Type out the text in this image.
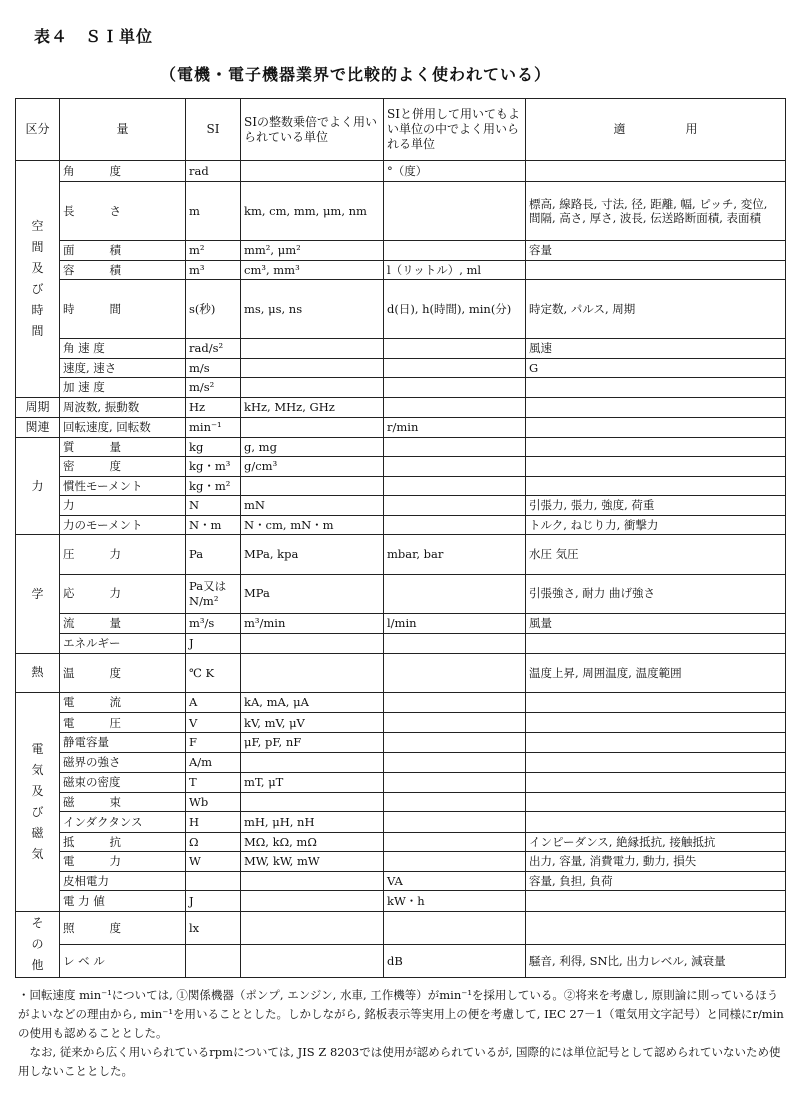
表４　ＳＩ単位
（電機・電子機器業界で比較的よく使われている）
区分	量	SI	SIの整数乗倍でよく用いられている単位	SIと併用して用いてもよい単位の中でよく用いられる単位	適　　　　　用
空間及び時間	角　　度	rad		°（度）	
	長　　さ	m	km, cm, mm, μm, nm		標高, 線路長, 寸法, 径, 距離, 幅, ピッチ, 変位, 間隔, 高さ, 厚さ, 波長, 伝送路断面積, 表面積
	面　　積	m²	mm², μm²		容量
	容　　積	m³	cm³, mm³	l（リットル）, ml	
	時　　間	s(秒)	ms, μs, ns	d(日), h(時間), min(分)	時定数, パルス, 周期
	角 速 度	rad/s²			風速
	速度, 速さ	m/s			G
	加 速 度	m/s²			
周期	周波数, 振動数	Hz	kHz, MHz, GHz		
関連	回転速度, 回転数	min⁻¹		r/min	
力	質　　量	kg	g, mg		
	密　　度	kg・m³	g/cm³		
	慣性モーメント	kg・m²			
	力	N	mN		引張力, 張力, 強度, 荷重
	力のモーメント	N・m	N・cm, mN・m		トルク, ねじり力, 衝撃力
学	圧　　力	Pa	MPa, kpa	mbar, bar	水圧 気圧
	応　　力	Pa又は N/m²	MPa		引張強さ, 耐力 曲げ強さ
	流　　量	m³/s	m³/min	l/min	風量
	エネルギー	J			
熱	温　　度	℃ K			温度上昇, 周囲温度, 温度範囲
電気及び磁気	電　　流	A	kA, mA, μA		
	電　　圧	V	kV, mV, μV		
	静電容量	F	μF, pF, nF		
	磁界の強さ	A/m			
	磁束の密度	T	mT, μT		
	磁　　束	Wb			
	インダクタンス	H	mH, μH, nH		
	抵　　抗	Ω	MΩ, kΩ, mΩ		インピーダンス, 絶縁抵抗, 接触抵抗
	電　　力	W	MW, kW, mW		出力, 容量, 消費電力, 動力, 損失
	皮相電力			VA	容量, 負担, 負荷
	電 力 値	J		kW・h	
その他	照　　度	lx			
	レ ベ ル			dB	騒音, 利得, SN比, 出力レベル, 減衰量

・回転速度 min⁻¹については, ①関係機器（ポンプ, エンジン, 水車, 工作機等）がmin⁻¹を採用している。②将来を考慮し, 原則論に則っているほうがよいなどの理由から, min⁻¹を用いることとした。しかしながら, 銘板表示等実用上の便を考慮して, IEC 27－1（電気用文字記号）と同様にr/minの使用も認めることとした。

　なお, 従来から広く用いられているrpmについては, JIS Z 8203では使用が認められているが, 国際的には単位記号として認められていないため使用しないこととした。
